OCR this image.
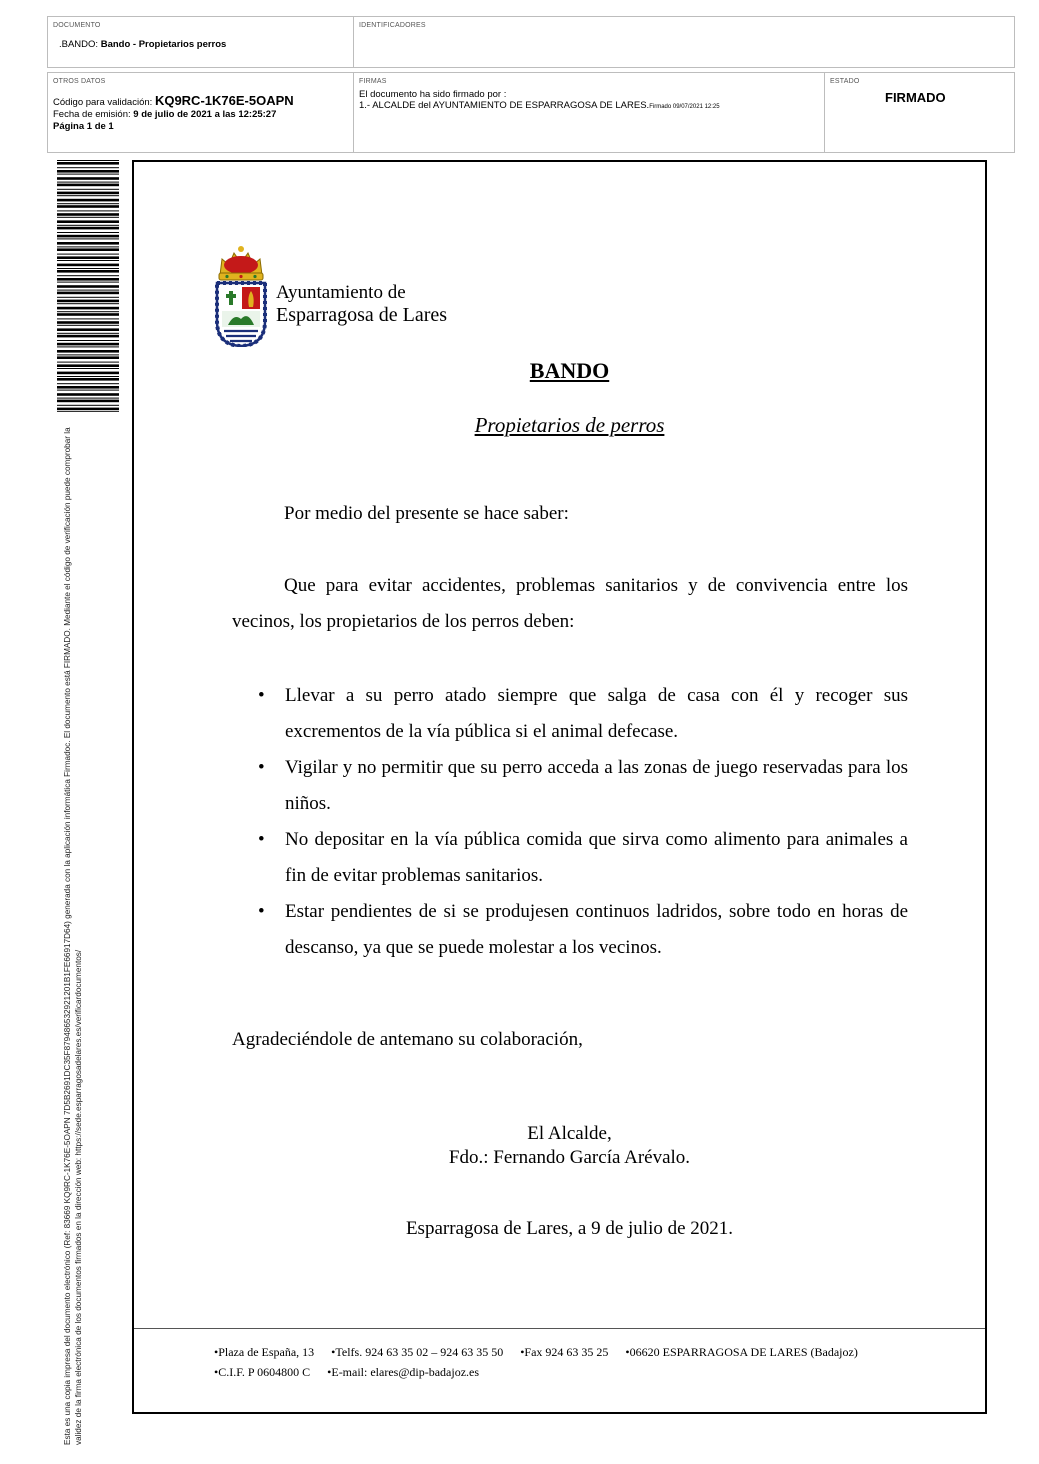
DOCUMENTO
.BANDO: Bando - Propietarios perros
IDENTIFICADORES
OTROS DATOS
Código para validación: KQ9RC-1K76E-5OAPN
Fecha de emisión: 9 de julio de 2021 a las 12:25:27
Página 1 de 1
FIRMAS
El documento ha sido firmado por :
1.- ALCALDE del AYUNTAMIENTO DE ESPARRAGOSA DE LARES.Firmado 09/07/2021 12:25
ESTADO
FIRMADO
Esta es una copia impresa del documento electrónico (Ref: 83669 KQ9RC-1K76E-5OAPN 7D5B2691DC35F879486532921201B1FE66917D64) generada con la aplicación informática Firmadoc. El documento está FIRMADO. Mediante el código de verificación puede comprobar la validez de la firma electrónica de los documentos firmados en la dirección web: https://sede.esparragosadelares.es/verificardocumentos/
Ayuntamiento de
Esparragosa de Lares
BANDO
Propietarios de perros
Por medio del presente se hace saber:
Que para evitar accidentes, problemas sanitarios y de convivencia entre los vecinos, los propietarios de los perros deben:
• Llevar a su perro atado siempre que salga de casa con él y recoger sus excrementos de la vía pública si el animal defecase.
• Vigilar y no permitir que su perro acceda a las zonas de juego reservadas para los niños.
• No depositar en la vía pública comida que sirva como alimento para animales a fin de evitar problemas sanitarios.
• Estar pendientes de si se produjesen continuos ladridos, sobre todo en horas de descanso, ya que se puede molestar a los vecinos.
Agradeciéndole de antemano su colaboración,
El Alcalde,
Fdo.: Fernando García Arévalo.
Esparragosa de Lares, a 9 de julio de 2021.
•Plaza de España, 13 •Telfs. 924 63 35 02 – 924 63 35 50 •Fax 924 63 35 25 •06620 ESPARRAGOSA DE LARES (Badajoz)
•C.I.F. P 0604800 C •E-mail: elares@dip-badajoz.es
